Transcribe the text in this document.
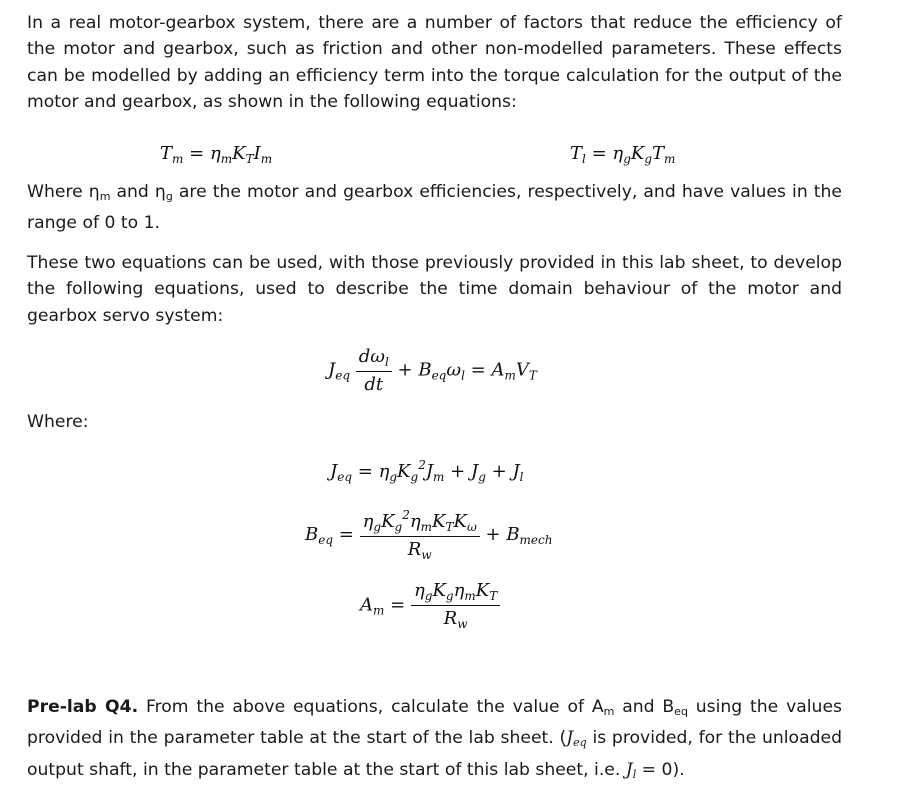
In a real motor-gearbox system, there are a number of factors that reduce the efficiency of the motor and gearbox, such as friction and other non-modelled parameters. These effects can be modelled by adding an efficiency term into the torque calculation for the output of the motor and gearbox, as shown in the following equations:
$T_m = \eta_mK_TI_m$	$T_l = \eta_gK_gT_m$
Where $\eta_m$ and $\eta_g$ are the motor and gearbox efficiencies, respectively, and have values in the range of 0 to 1.
These two equations can be used, with those previously provided in this lab sheet, to develop the following equations, used to describe the time domain behaviour of the motor and gearbox servo system:
$J_{eq} \frac{d\omega_l}{dt} + B_{eq}\omega_l = A_mV_T$
Where:
$J_{eq} = \eta_gK_g^2J_m + J_g + J_l$
$B_{eq} = \frac{\eta_gK_g^2\eta_mK_TK_\omega}{R_w} + B_{mech}$
$A_m = \frac{\eta_gK_g\eta_mK_T}{R_w}$
Pre-lab Q4. From the above equations, calculate the value of $A_m$ and $B_{eq}$ using the values provided in the parameter table at the start of the lab sheet. ($J_{eq}$ is provided, for the unloaded output shaft, in the parameter table at the start of this lab sheet, i.e. $J_l = 0$).
